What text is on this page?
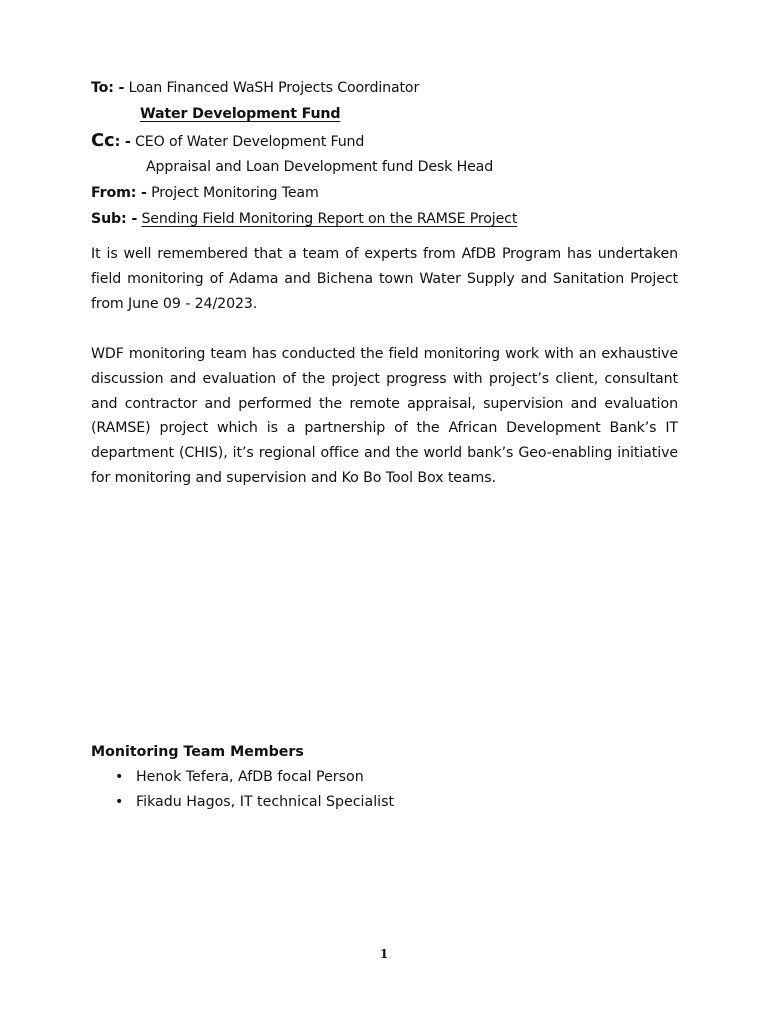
To: - Loan Financed WaSH Projects Coordinator
Water Development Fund
Cc: - CEO of Water Development Fund
Appraisal and Loan Development fund Desk Head
From: - Project Monitoring Team
Sub: - Sending Field Monitoring Report on the RAMSE Project

It is well remembered that a team of experts from AfDB Program has undertaken field monitoring of Adama and Bichena town Water Supply and Sanitation Project from June 09 - 24/2023.

WDF monitoring team has conducted the field monitoring work with an exhaustive discussion and evaluation of the project progress with project’s client, consultant and contractor and performed the remote appraisal, supervision and evaluation (RAMSE) project which is a partnership of the African Development Bank’s IT department (CHIS), it’s regional office and the world bank’s Geo-enabling initiative for monitoring and supervision and Ko Bo Tool Box teams.

Monitoring Team Members
• Henok Tefera, AfDB focal Person
• Fikadu Hagos, IT technical Specialist
1
